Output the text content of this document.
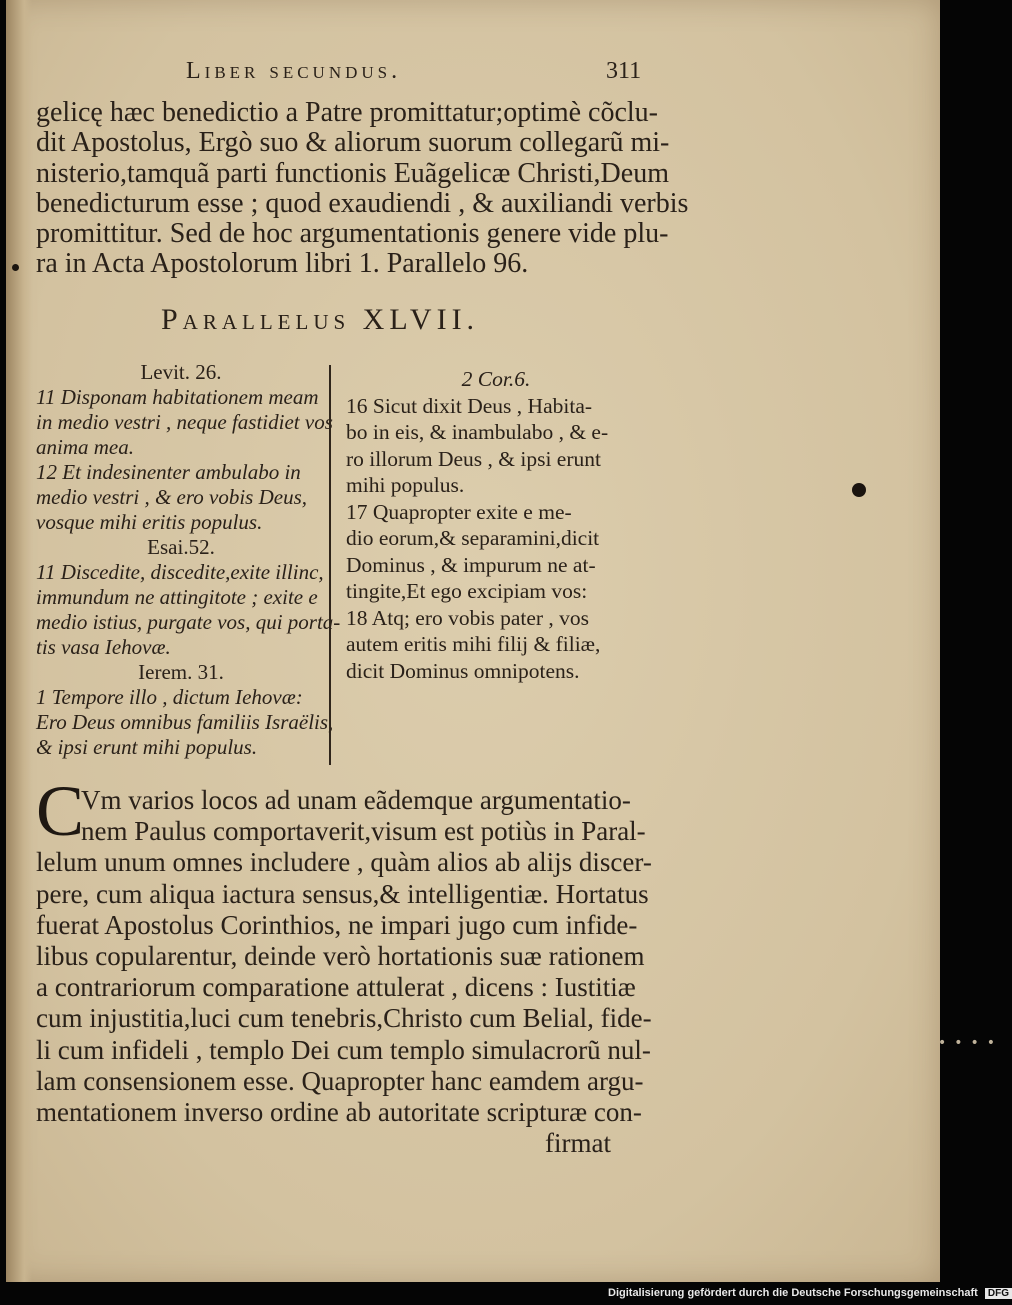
Liber secundus.	311
gelicę hæc benedictio a Patre promittatur;optimè cõclu-
dit Apostolus, Ergò suo & aliorum suorum collegarũ mi-
nisterio,tamquã parti functionis Euãgelicæ Christi,Deum
benedicturum esse ; quod exaudiendi , & auxiliandi verbis
promittitur. Sed de hoc argumentationis genere vide plu-
ra in Acta Apostolorum libri 1. Parallelo 96.
Parallelus XLVII.
Levit. 26.
11 Disponam habitationem meam
in medio vestri , neque fastidiet vos
anima mea.
12 Et indesinenter ambulabo in
medio vestri , & ero vobis Deus,
vosque mihi eritis populus.
Esai.52.
11 Discedite, discedite,exite illinc,
immundum ne attingitote ; exite e
medio istius, purgate vos, qui porta-
tis vasa Iehovæ.
Ierem. 31.
1 Tempore illo , dictum Iehovæ:
Ero Deus omnibus familiis Israëlis,
& ipsi erunt mihi populus.
2 Cor.6.
16 Sicut dixit Deus , Habita-
bo in eis, & inambulabo , & e-
ro illorum Deus , & ipsi erunt
mihi populus.
17 Quapropter exite e me-
dio eorum,& separamini,dicit
Dominus , & impurum ne at-
tingite,Et ego excipiam vos:
18 Atq; ero vobis pater , vos
autem eritis mihi filij & filiæ,
dicit Dominus omnipotens.
C
Vm varios locos ad unam eãdemque argumentatio-
nem Paulus comportaverit,visum est potiùs in Paral-
lelum unum omnes includere , quàm alios ab alijs discer-
pere, cum aliqua iactura sensus,& intelligentiæ. Hortatus
fuerat Apostolus Corinthios, ne impari jugo cum infide-
libus copularentur, deinde verò hortationis suæ rationem
a contrariorum comparatione attulerat , dicens : Iustitiæ
cum injustitia,luci cum tenebris,Christo cum Belial, fide-
li cum infideli , templo Dei cum templo simulacrorũ nul-
lam consensionem esse. Quapropter hanc eamdem argu-
mentationem inverso ordine ab autoritate scripturæ con-
firmat
••••
Digitalisierung gefördert durch die Deutsche Forschungsgemeinschaft DFG
